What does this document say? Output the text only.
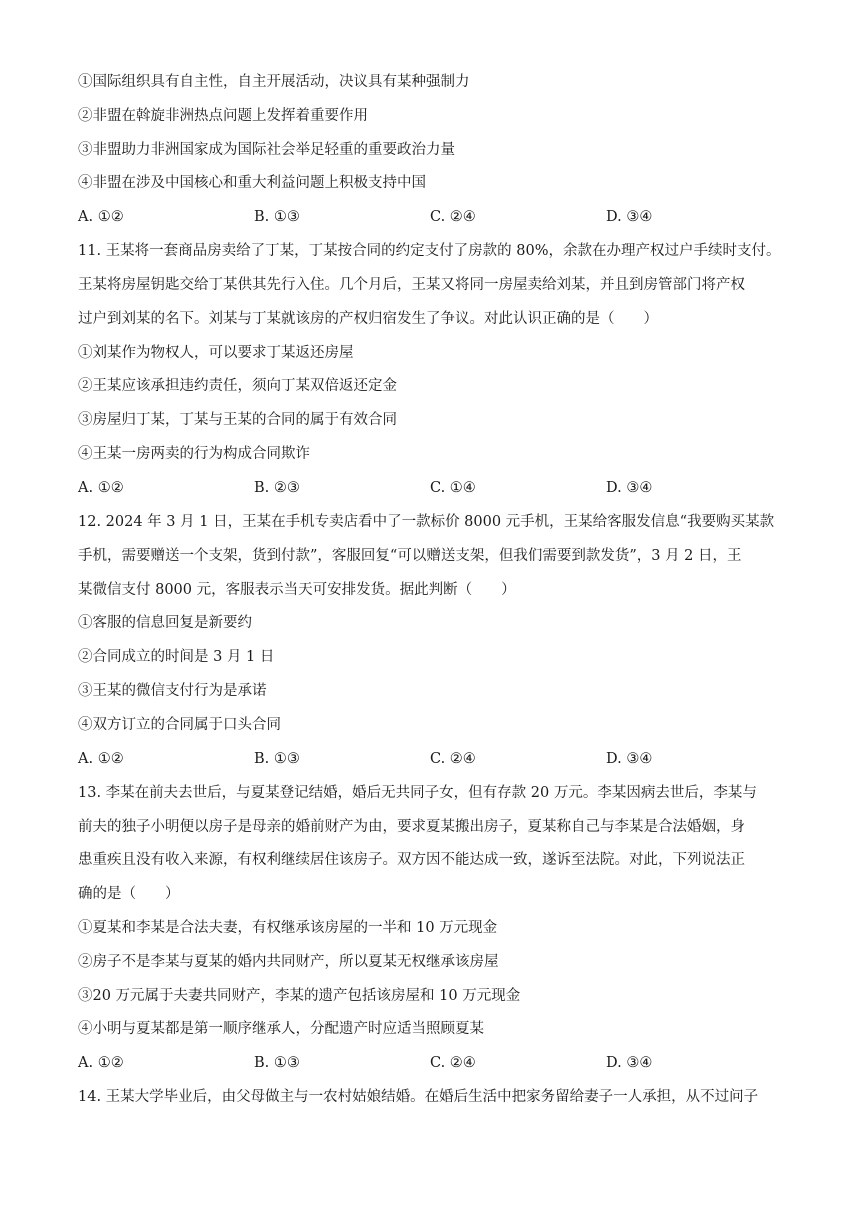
①国际组织具有自主性，自主开展活动，决议具有某种强制力
②非盟在斡旋非洲热点问题上发挥着重要作用
③非盟助力非洲国家成为国际社会举足轻重的重要政治力量
④非盟在涉及中国核心和重大利益问题上积极支持中国
A. ①②	B. ①③	C. ②④	D. ③④
11. 王某将一套商品房卖给了丁某，丁某按合同的约定支付了房款的 80%，余款在办理产权过户手续时支付。
王某将房屋钥匙交给丁某供其先行入住。几个月后，王某又将同一房屋卖给刘某，并且到房管部门将产权
过户到刘某的名下。刘某与丁某就该房的产权归宿发生了争议。对此认识正确的是（　　）
①刘某作为物权人，可以要求丁某返还房屋
②王某应该承担违约责任，须向丁某双倍返还定金
③房屋归丁某，丁某与王某的合同的属于有效合同
④王某一房两卖的行为构成合同欺诈
A. ①②	B. ②③	C. ①④	D. ③④
12. 2024 年 3 月 1 日，王某在手机专卖店看中了一款标价 8000 元手机，王某给客服发信息“我要购买某款
手机，需要赠送一个支架，货到付款”，客服回复“可以赠送支架，但我们需要到款发货”，3 月 2 日，王
某微信支付 8000 元，客服表示当天可安排发货。据此判断（　　）
①客服的信息回复是新要约
②合同成立的时间是 3 月 1 日
③王某的微信支付行为是承诺
④双方订立的合同属于口头合同
A. ①②	B. ①③	C. ②④	D. ③④
13. 李某在前夫去世后，与夏某登记结婚，婚后无共同子女，但有存款 20 万元。李某因病去世后，李某与
前夫的独子小明便以房子是母亲的婚前财产为由，要求夏某搬出房子，夏某称自己与李某是合法婚姻，身
患重疾且没有收入来源，有权利继续居住该房子。双方因不能达成一致，遂诉至法院。对此，下列说法正
确的是（　　）
①夏某和李某是合法夫妻，有权继承该房屋的一半和 10 万元现金
②房子不是李某与夏某的婚内共同财产，所以夏某无权继承该房屋
③20 万元属于夫妻共同财产，李某的遗产包括该房屋和 10 万元现金
④小明与夏某都是第一顺序继承人，分配遗产时应适当照顾夏某
A. ①②	B. ①③	C. ②④	D. ③④
14. 王某大学毕业后，由父母做主与一农村姑娘结婚。在婚后生活中把家务留给妻子一人承担，从不过问子
